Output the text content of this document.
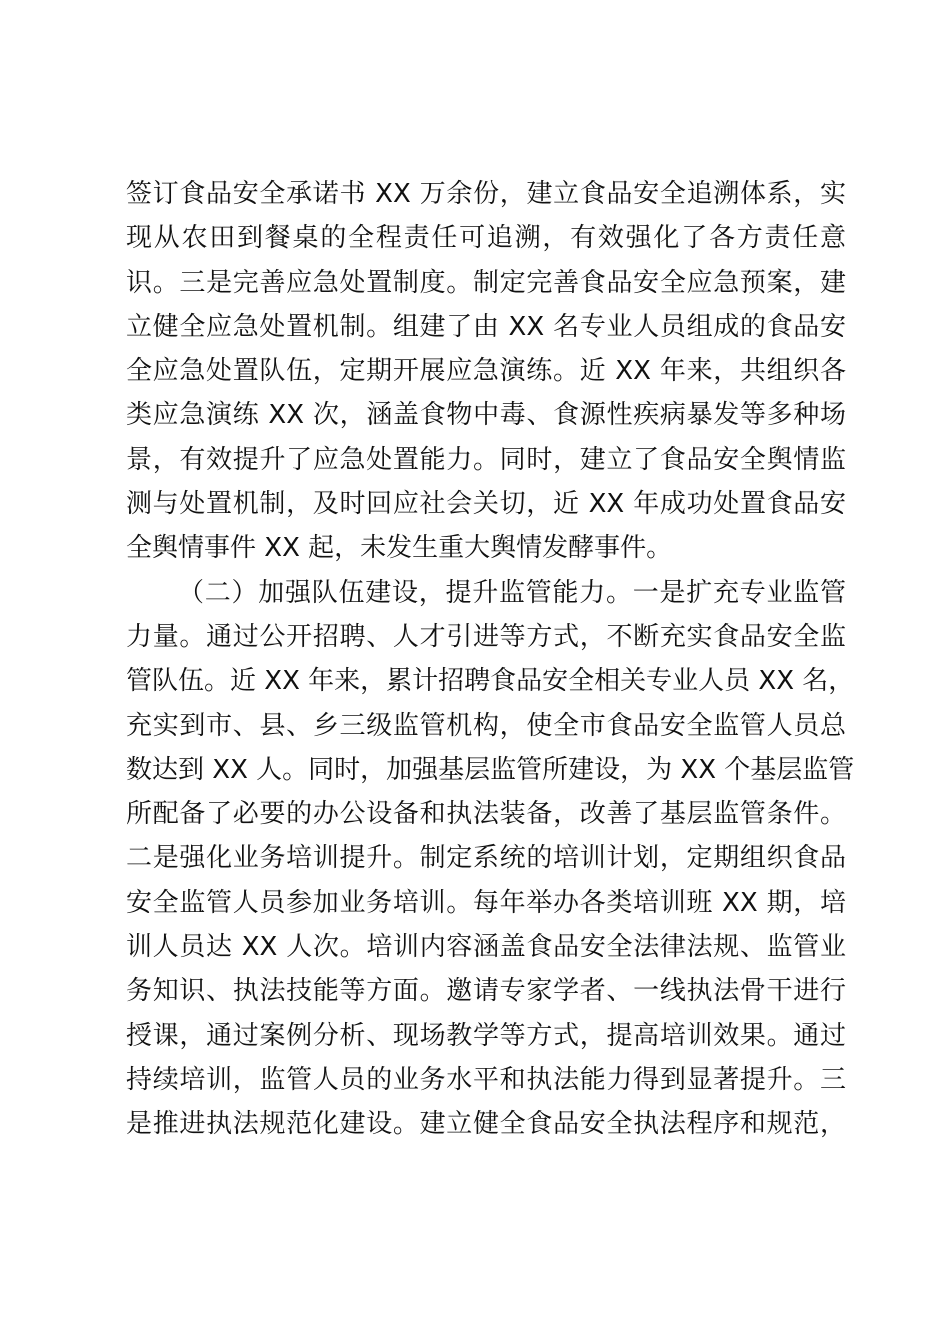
签订食品安全承诺书 XX 万余份，建立食品安全追溯体系，实
现从农田到餐桌的全程责任可追溯，有效强化了各方责任意
识。三是完善应急处置制度。制定完善食品安全应急预案，建
立健全应急处置机制。组建了由 XX 名专业人员组成的食品安
全应急处置队伍，定期开展应急演练。近 XX 年来，共组织各
类应急演练 XX 次，涵盖食物中毒、食源性疾病暴发等多种场
景，有效提升了应急处置能力。同时，建立了食品安全舆情监
测与处置机制，及时回应社会关切，近 XX 年成功处置食品安
全舆情事件 XX 起，未发生重大舆情发酵事件。
（二）加强队伍建设，提升监管能力。一是扩充专业监管
力量。通过公开招聘、人才引进等方式，不断充实食品安全监
管队伍。近 XX 年来，累计招聘食品安全相关专业人员 XX 名，
充实到市、县、乡三级监管机构，使全市食品安全监管人员总
数达到 XX 人。同时，加强基层监管所建设，为 XX 个基层监管
所配备了必要的办公设备和执法装备，改善了基层监管条件。
二是强化业务培训提升。制定系统的培训计划，定期组织食品
安全监管人员参加业务培训。每年举办各类培训班 XX 期，培
训人员达 XX 人次。培训内容涵盖食品安全法律法规、监管业
务知识、执法技能等方面。邀请专家学者、一线执法骨干进行
授课，通过案例分析、现场教学等方式，提高培训效果。通过
持续培训，监管人员的业务水平和执法能力得到显著提升。三
是推进执法规范化建设。建立健全食品安全执法程序和规范，
